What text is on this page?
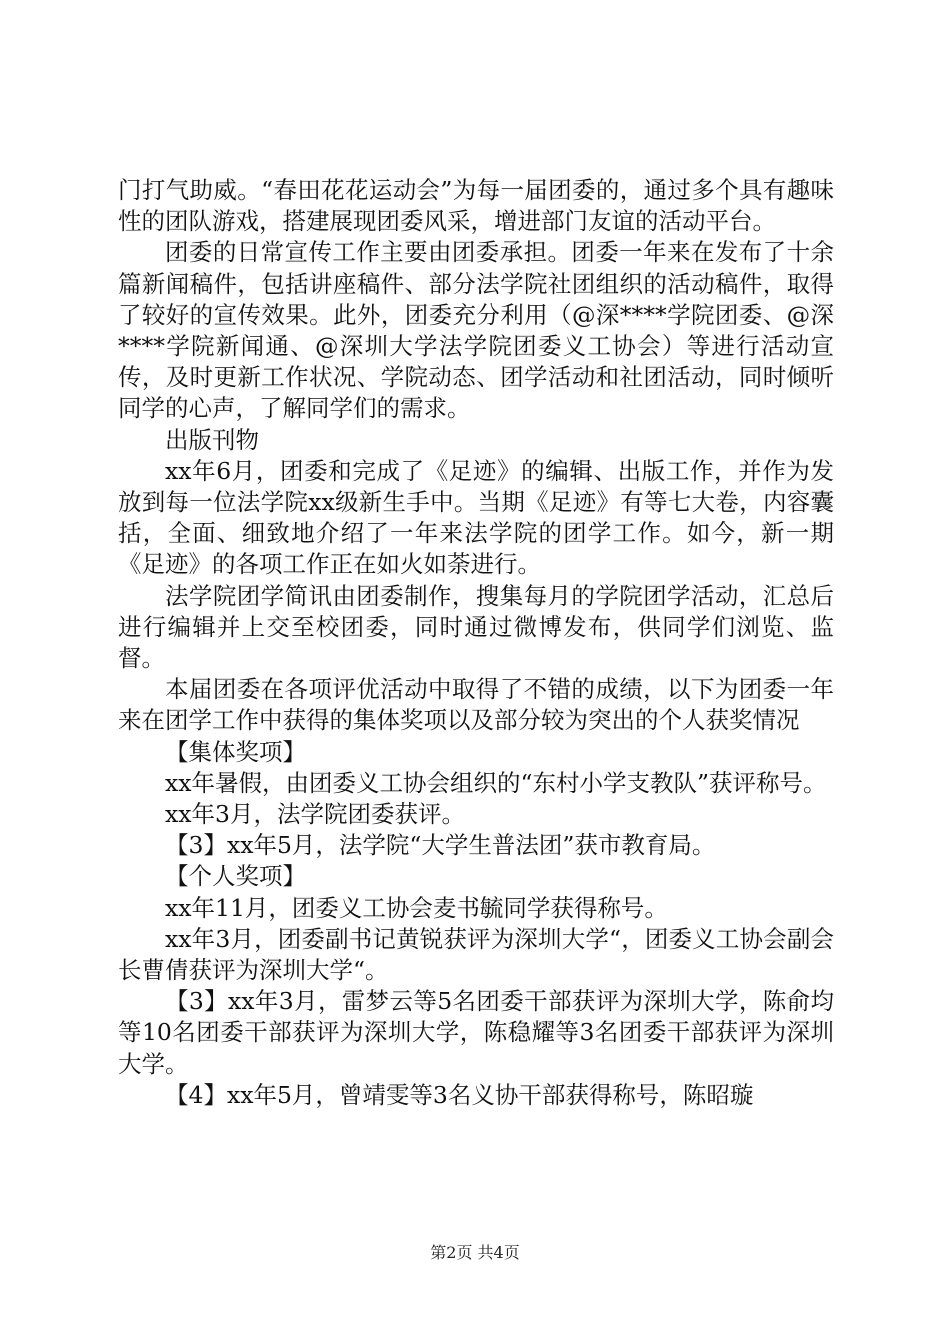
门打气助威。“春田花花运动会”为每一届团委的，通过多个具有趣味性的团队游戏，搭建展现团委风采，增进部门友谊的活动平台。

团委的日常宣传工作主要由团委承担。团委一年来在发布了十余篇新闻稿件，包括讲座稿件、部分法学院社团组织的活动稿件，取得了较好的宣传效果。此外，团委充分利用（@深****学院团委、@深****学院新闻通、@深圳大学法学院团委义工协会）等进行活动宣传，及时更新工作状况、学院动态、团学活动和社团活动，同时倾听同学的心声，了解同学们的需求。

出版刊物

xx年6月，团委和完成了《足迹》的编辑、出版工作，并作为发放到每一位法学院xx级新生手中。当期《足迹》有等七大卷，内容囊括，全面、细致地介绍了一年来法学院的团学工作。如今，新一期《足迹》的各项工作正在如火如荼进行。

法学院团学简讯由团委制作，搜集每月的学院团学活动，汇总后进行编辑并上交至校团委，同时通过微博发布，供同学们浏览、监督。

本届团委在各项评优活动中取得了不错的成绩，以下为团委一年来在团学工作中获得的集体奖项以及部分较为突出的个人获奖情况

【集体奖项】

xx年暑假，由团委义工协会组织的“东村小学支教队”获评称号。

xx年3月，法学院团委获评。

【3】xx年5月，法学院“大学生普法团”获市教育局。

【个人奖项】

xx年11月，团委义工协会麦书毓同学获得称号。

xx年3月，团委副书记黄锐获评为深圳大学“，团委义工协会副会长曹倩获评为深圳大学“。

【3】xx年3月，雷梦云等5名团委干部获评为深圳大学，陈俞均等10名团委干部获评为深圳大学，陈稳耀等3名团委干部获评为深圳大学。

【4】xx年5月，曾靖雯等3名义协干部获得称号，陈昭璇

第2页 共4页
